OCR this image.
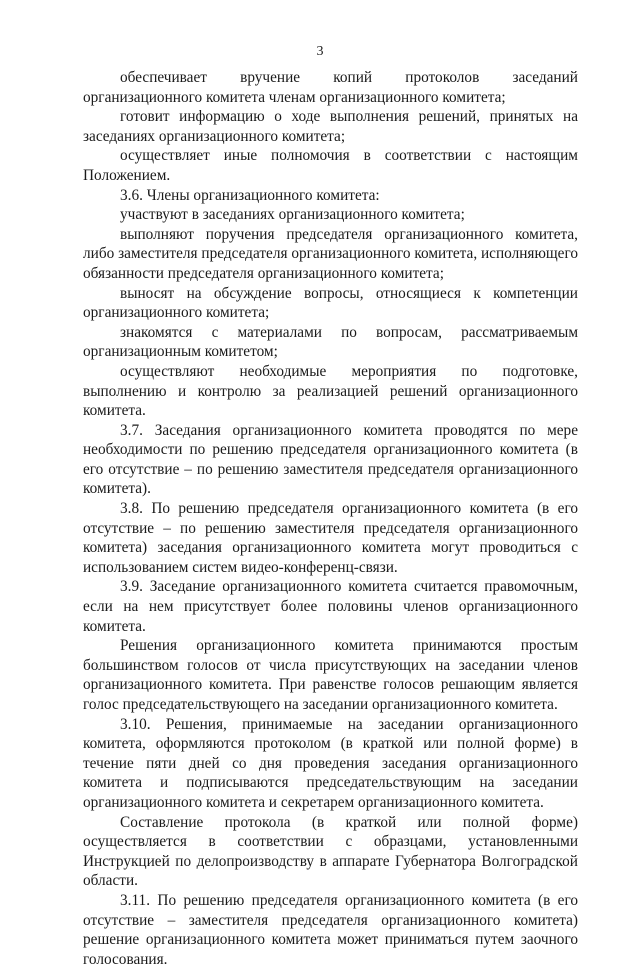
3

обеспечивает вручение копий протоколов заседаний организационного комитета членам организационного комитета;

готовит информацию о ходе выполнения решений, принятых на заседаниях организационного комитета;

осуществляет иные полномочия в соответствии с настоящим Положением.

3.6. Члены организационного комитета:

участвуют в заседаниях организационного комитета;

выполняют поручения председателя организационного комитета, либо заместителя председателя организационного комитета, исполняющего обязанности председателя организационного комитета;

выносят на обсуждение вопросы, относящиеся к компетенции организационного комитета;

знакомятся с материалами по вопросам, рассматриваемым организационным комитетом;

осуществляют необходимые мероприятия по подготовке, выполнению и контролю за реализацией решений организационного комитета.

3.7. Заседания организационного комитета проводятся по мере необходимости по решению председателя организационного комитета (в его отсутствие – по решению заместителя председателя организационного комитета).

3.8. По решению председателя организационного комитета (в его отсутствие – по решению заместителя председателя организационного комитета) заседания организационного комитета могут проводиться с использованием систем видео-конференц-связи.

3.9. Заседание организационного комитета считается правомочным, если на нем присутствует более половины членов организационного комитета.

Решения организационного комитета принимаются простым большинством голосов от числа присутствующих на заседании членов организационного комитета. При равенстве голосов решающим является голос председательствующего на заседании организационного комитета.

3.10. Решения, принимаемые на заседании организационного комитета, оформляются протоколом (в краткой или полной форме) в течение пяти дней со дня проведения заседания организационного комитета и подписываются председательствующим на заседании организационного комитета и секретарем организационного комитета.

Составление протокола (в краткой или полной форме) осуществляется в соответствии с образцами, установленными Инструкцией по делопроизводству в аппарате Губернатора Волгоградской области.

3.11. По решению председателя организационного комитета (в его отсутствие – заместителя председателя организационного комитета) решение организационного комитета может приниматься путем заочного голосования.
